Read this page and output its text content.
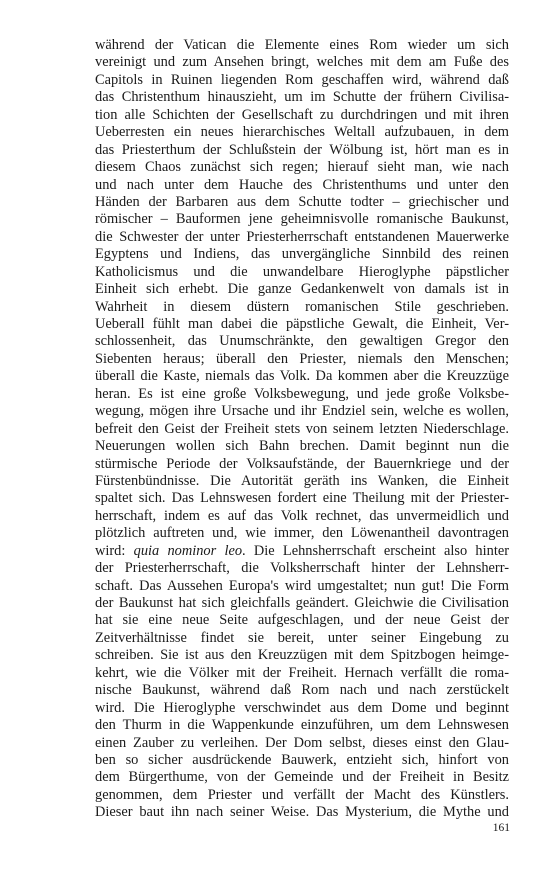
während der Vatican die Elemente eines Rom wieder um sich
vereinigt und zum Ansehen bringt, welches mit dem am Fuße des
Capitols in Ruinen liegenden Rom geschaffen wird, während daß
das Christenthum hinauszieht, um im Schutte der frühern Civilisa-
tion alle Schichten der Gesellschaft zu durchdringen und mit ihren
Ueberresten ein neues hierarchisches Weltall aufzubauen, in dem
das Priesterthum der Schlußstein der Wölbung ist, hört man es in
diesem Chaos zunächst sich regen; hierauf sieht man, wie nach
und nach unter dem Hauche des Christenthums und unter den
Händen der Barbaren aus dem Schutte todter – griechischer und
römischer – Bauformen jene geheimnisvolle romanische Baukunst,
die Schwester der unter Priesterherrschaft entstandenen Mauerwerke
Egyptens und Indiens, das unvergängliche Sinnbild des reinen
Katholicismus und die unwandelbare Hieroglyphe päpstlicher
Einheit sich erhebt. Die ganze Gedankenwelt von damals ist in
Wahrheit in diesem düstern romanischen Stile geschrieben.
Ueberall fühlt man dabei die päpstliche Gewalt, die Einheit, Ver-
schlossenheit, das Unumschränkte, den gewaltigen Gregor den
Siebenten heraus; überall den Priester, niemals den Menschen;
überall die Kaste, niemals das Volk. Da kommen aber die Kreuzzüge
heran. Es ist eine große Volksbewegung, und jede große Volksbe-
wegung, mögen ihre Ursache und ihr Endziel sein, welche es wollen,
befreit den Geist der Freiheit stets von seinem letzten Niederschlage.
Neuerungen wollen sich Bahn brechen. Damit beginnt nun die
stürmische Periode der Volksaufstände, der Bauernkriege und der
Fürstenbündnisse. Die Autorität geräth ins Wanken, die Einheit
spaltet sich. Das Lehnswesen fordert eine Theilung mit der Priester-
herrschaft, indem es auf das Volk rechnet, das unvermeidlich und
plötzlich auftreten und, wie immer, den Löwenantheil davontragen
wird: quia nominor leo. Die Lehnsherrschaft erscheint also hinter
der Priesterherrschaft, die Volksherrschaft hinter der Lehnsherr-
schaft. Das Aussehen Europa's wird umgestaltet; nun gut! Die Form
der Baukunst hat sich gleichfalls geändert. Gleichwie die Civilisation
hat sie eine neue Seite aufgeschlagen, und der neue Geist der
Zeitverhältnisse findet sie bereit, unter seiner Eingebung zu
schreiben. Sie ist aus den Kreuzzügen mit dem Spitzbogen heimge-
kehrt, wie die Völker mit der Freiheit. Hernach verfällt die roma-
nische Baukunst, während daß Rom nach und nach zerstückelt
wird. Die Hieroglyphe verschwindet aus dem Dome und beginnt
den Thurm in die Wappenkunde einzuführen, um dem Lehnswesen
einen Zauber zu verleihen. Der Dom selbst, dieses einst den Glau-
ben so sicher ausdrückende Bauwerk, entzieht sich, hinfort von
dem Bürgerthume, von der Gemeinde und der Freiheit in Besitz
genommen, dem Priester und verfällt der Macht des Künstlers.
Dieser baut ihn nach seiner Weise. Das Mysterium, die Mythe und
161
